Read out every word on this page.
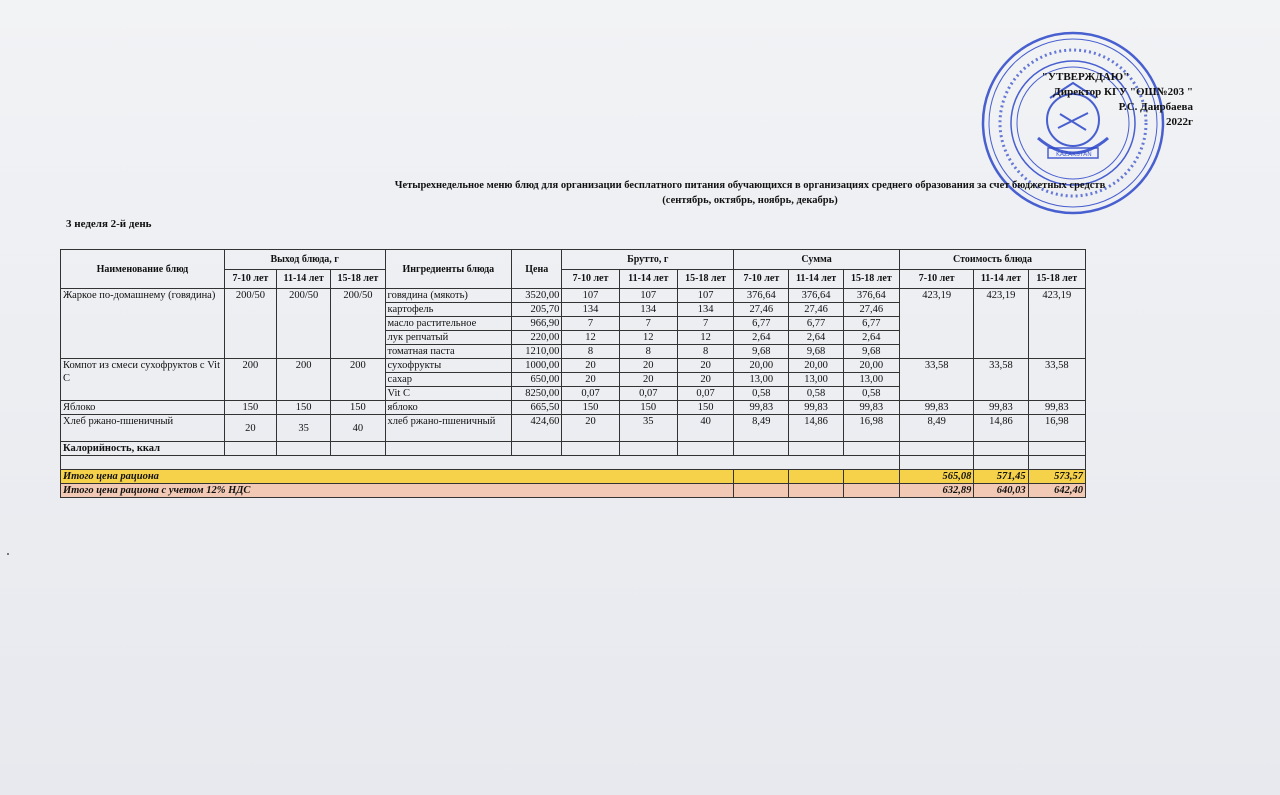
KAZAKSTAN
"УТВЕРЖДАЮ"
Директор КГУ "ОШ№203 "
Р.С. Даирбаева
2022г
Четырехнедельное меню блюд для организации бесплатного питания обучающихся в организациях среднего образования за счет бюджетных средств
(сентябрь, октябрь, ноябрь, декабрь)
3 неделя 2-й день
Наименование блюд	Выход блюда, г			Ингредиенты блюда	Цена	Брутто, г			Сумма			Стоимость блюда		
	7-10 лет	11-14 лет	15-18 лет			7-10 лет	11-14 лет	15-18 лет	7-10 лет	11-14 лет	15-18 лет	7-10 лет	11-14 лет	15-18 лет
Жаркое по-домашнему (говядина)	200/50	200/50	200/50	говядина (мякоть)	3520,00	107	107	107	376,64	376,64	376,64	423,19	423,19	423,19
				картофель	205,70	134	134	134	27,46	27,46	27,46			
				масло растительное	966,90	7	7	7	6,77	6,77	6,77			
				лук репчатый	220,00	12	12	12	2,64	2,64	2,64			
				томатная паста	1210,00	8	8	8	9,68	9,68	9,68			
Компот из смеси сухофруктов с Vit C	200	200	200	сухофрукты	1000,00	20	20	20	20,00	20,00	20,00	33,58	33,58	33,58
				сахар	650,00	20	20	20	13,00	13,00	13,00			
				Vit C	8250,00	0,07	0,07	0,07	0,58	0,58	0,58			
Яблоко	150	150	150	яблоко	665,50	150	150	150	99,83	99,83	99,83	99,83	99,83	99,83
Хлеб ржано-пшеничный	20	35	40	хлеб ржано-пшеничный	424,60	20	35	40	8,49	14,86	16,98	8,49	14,86	16,98
Калорийность, ккал														

Итого цена рациона												565,08	571,45	573,57
Итого цена рациона с учетом 12% НДС												632,89	640,03	642,40
